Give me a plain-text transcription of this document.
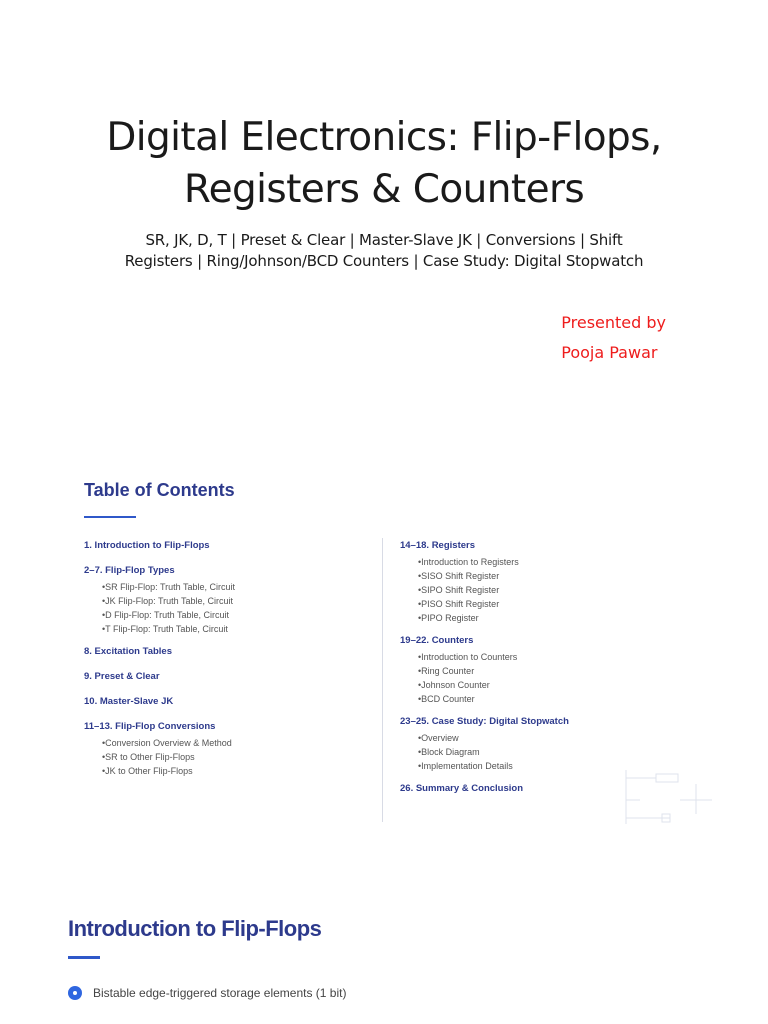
Digital Electronics: Flip-Flops,
Registers & Counters
SR, JK, D, T | Preset & Clear | Master-Slave JK | Conversions | Shift
Registers | Ring/Johnson/BCD Counters | Case Study: Digital Stopwatch
Presented by
Pooja Pawar
Table of Contents

1. Introduction to Flip-Flops

2–7. Flip-Flop Types

• SR Flip-Flop: Truth Table, Circuit

• JK Flip-Flop: Truth Table, Circuit

• D Flip-Flop: Truth Table, Circuit

• T Flip-Flop: Truth Table, Circuit

8. Excitation Tables

9. Preset & Clear

10. Master-Slave JK

11–13. Flip-Flop Conversions

• Conversion Overview & Method

• SR to Other Flip-Flops

• JK to Other Flip-Flops

14–18. Registers

• Introduction to Registers

• SISO Shift Register

• SIPO Shift Register

• PISO Shift Register

• PIPO Register

19–22. Counters

• Introduction to Counters

• Ring Counter

• Johnson Counter

• BCD Counter

23–25. Case Study: Digital Stopwatch

• Overview

• Block Diagram

• Implementation Details

26. Summary & Conclusion

Introduction to Flip-Flops
Bistable edge-triggered storage elements (1 bit)
